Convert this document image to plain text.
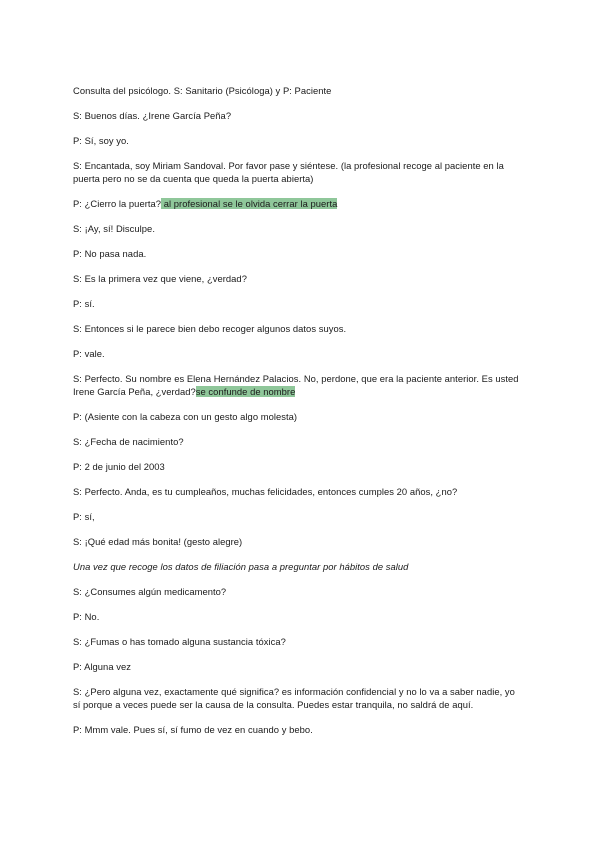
Consulta del psicólogo. S: Sanitario (Psicóloga) y P: Paciente

S: Buenos días. ¿Irene García Peña?

P: Sí, soy yo.

S: Encantada, soy Miriam Sandoval. Por favor pase y siéntese. (la profesional recoge al paciente en la puerta pero no se da cuenta que queda la puerta abierta)

P: ¿Cierro la puerta? al profesional se le olvida cerrar la puerta

S: ¡Ay, sí! Disculpe.

P: No pasa nada.

S: Es la primera vez que viene, ¿verdad?

P: sí.

S: Entonces si le parece bien debo recoger algunos datos suyos.

P: vale.

S: Perfecto. Su nombre es Elena Hernández Palacios. No, perdone, que era la paciente anterior. Es usted Irene García Peña, ¿verdad?se confunde de nombre

P: (Asiente con la cabeza con un gesto algo molesta)

S: ¿Fecha de nacimiento?

P: 2 de junio del 2003

S: Perfecto. Anda, es tu cumpleaños, muchas felicidades, entonces cumples 20 años, ¿no?

P: sí,

S: ¡Qué edad más bonita! (gesto alegre)

Una vez que recoge los datos de filiación pasa a preguntar por hábitos de salud

S: ¿Consumes algún medicamento?

P: No.

S: ¿Fumas o has tomado alguna sustancia tóxica?

P: Alguna vez

S: ¿Pero alguna vez, exactamente qué significa? es información confidencial y no lo va a saber nadie, yo sí porque a veces puede ser la causa de la consulta. Puedes estar tranquila, no saldrá de aquí.

P: Mmm vale. Pues sí, sí fumo de vez en cuando y bebo.
